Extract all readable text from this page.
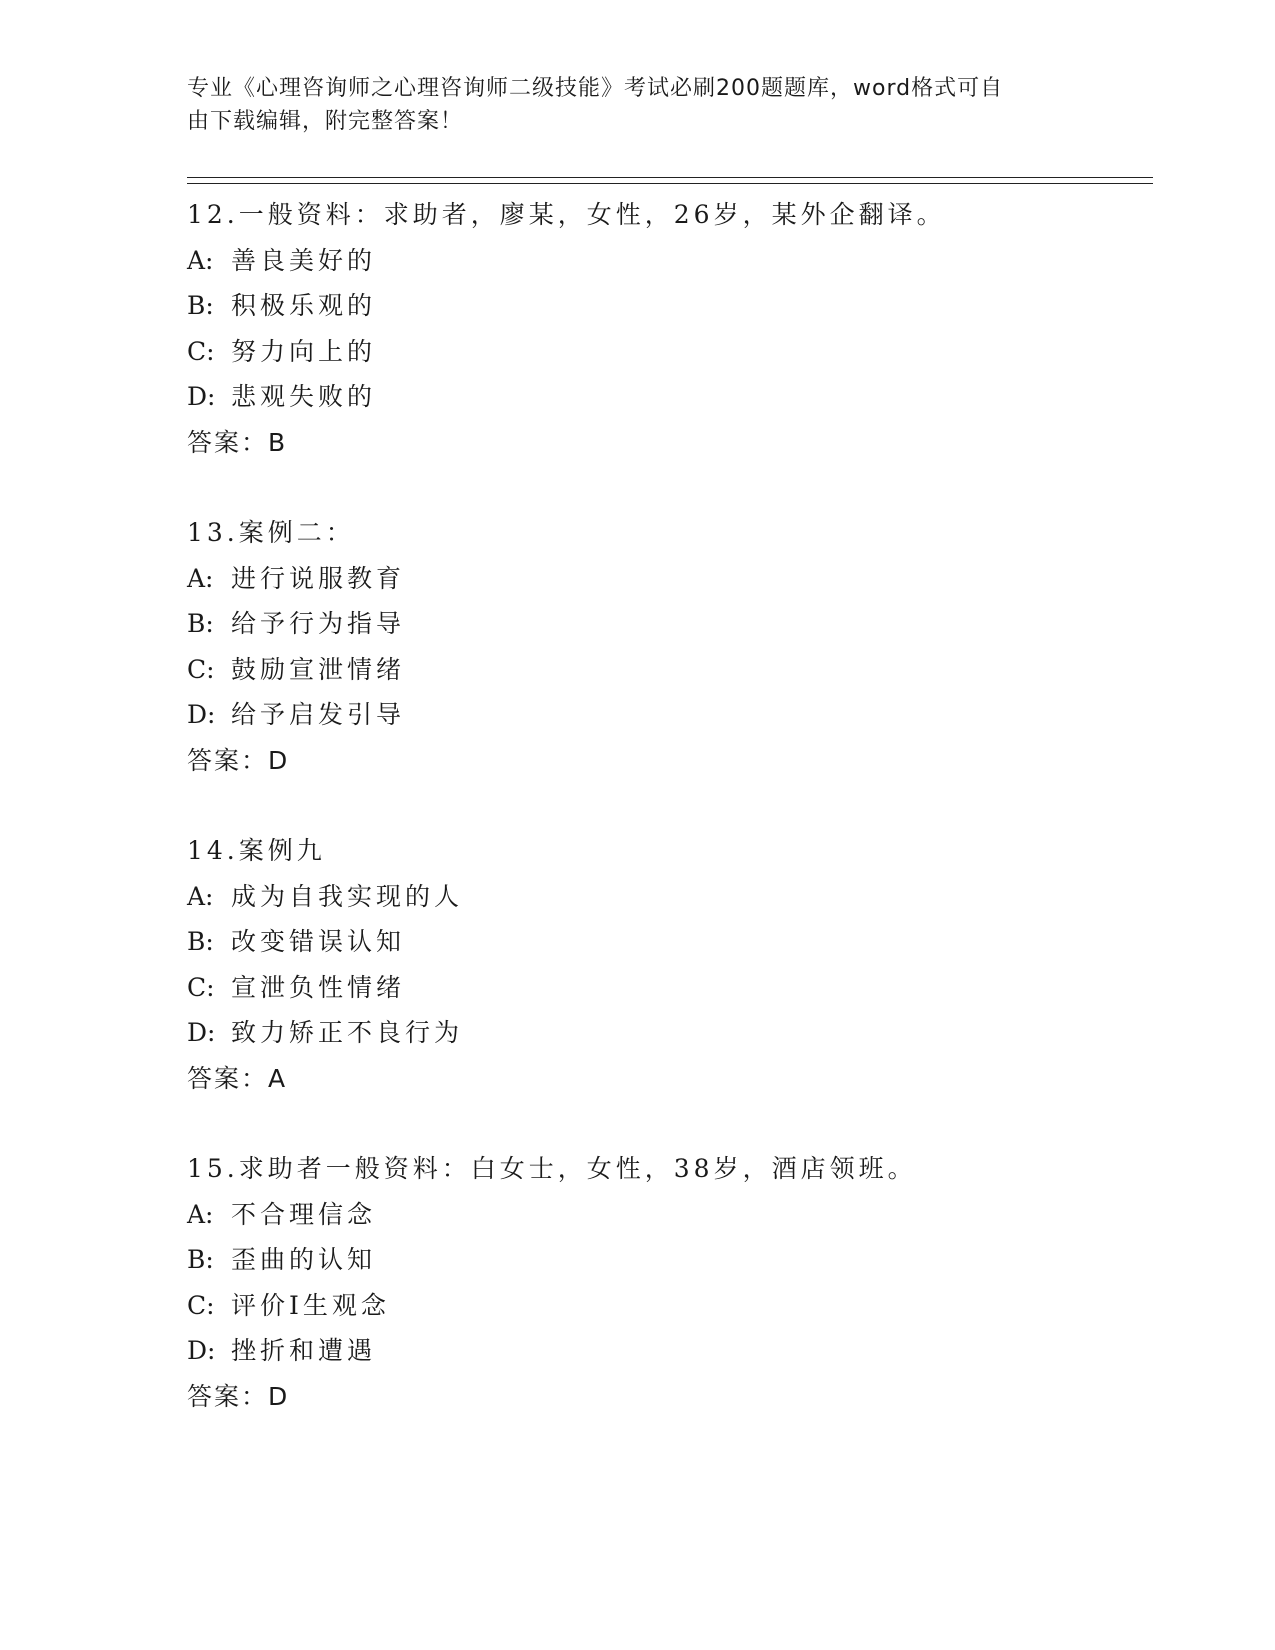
专业《心理咨询师之心理咨询师二级技能》考试必刷200题题库，word格式可自
由下载编辑，附完整答案！
12.一般资料：求助者，廖某，女性，26岁，某外企翻译。
A: 善良美好的
B: 积极乐观的
C: 努力向上的
D: 悲观失败的
答案：B
13.案例二：
A: 进行说服教育
B: 给予行为指导
C: 鼓励宣泄情绪
D: 给予启发引导
答案：D
14.案例九
A: 成为自我实现的人
B: 改变错误认知
C: 宣泄负性情绪
D: 致力矫正不良行为
答案：A
15.求助者一般资料：白女士，女性，38岁，酒店领班。
A: 不合理信念
B: 歪曲的认知
C: 评价I生观念
D: 挫折和遭遇
答案：D
